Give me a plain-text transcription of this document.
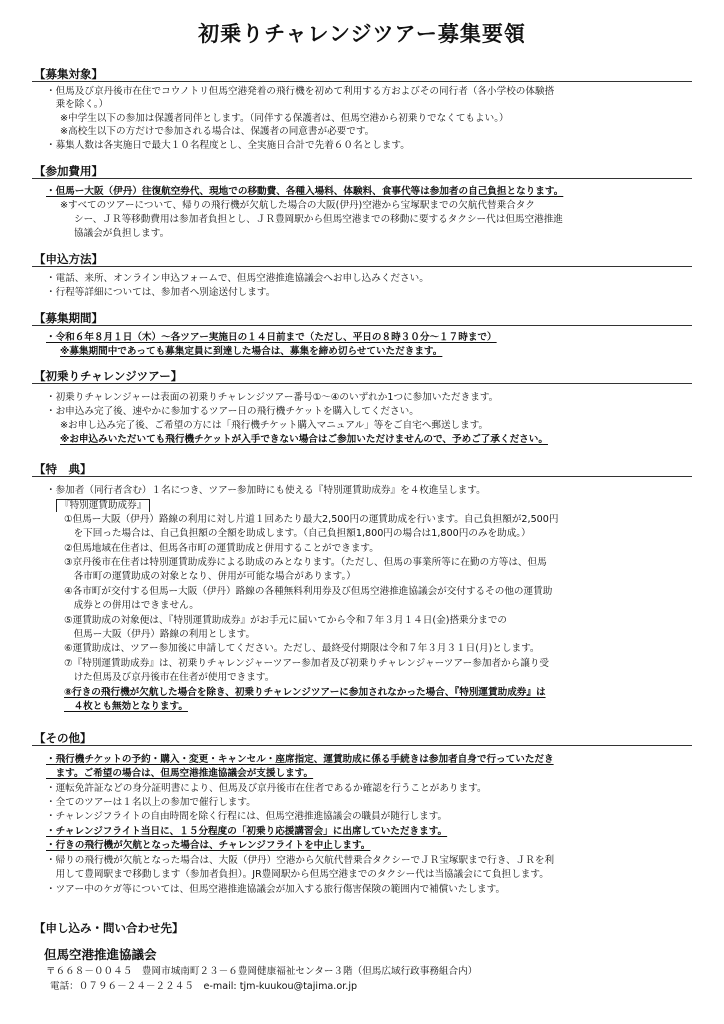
初乗りチャレンジツアー募集要領
【募集対象】
・但馬及び京丹後市在住でコウノトリ但馬空港発着の飛行機を初めて利用する方およびその同行者（各小学校の体験搭
　乗を除く。）
※中学生以下の参加は保護者同伴とします。（同伴する保護者は、但馬空港から初乗りでなくてもよい。）
※高校生以下の方だけで参加される場合は、保護者の同意書が必要です。
・募集人数は各実施日で最大１０名程度とし、全実施日合計で先着６０名とします。
【参加費用】
・但馬ー大阪（伊丹）往復航空券代、現地での移動費、各種入場料、体験料、食事代等は参加者の自己負担となります。
※すべてのツアーについて、帰りの飛行機が欠航した場合の大阪(伊丹)空港から宝塚駅までの欠航代替乗合タク
シー、ＪＲ等移動費用は参加者負担とし、ＪＲ豊岡駅から但馬空港までの移動に要するタクシー代は但馬空港推進
協議会が負担します。
【申込方法】
・電話、来所、オンライン申込フォームで、但馬空港推進協議会へお申し込みください。
・行程等詳細については、参加者へ別途送付します。
【募集期間】
・令和６年８月１日（木）～各ツアー実施日の１４日前まで（ただし、平日の８時３０分～１７時まで）
※募集期間中であっても募集定員に到達した場合は、募集を締め切らせていただきます。
【初乗りチャレンジツアー】
・初乗りチャレンジャーは表面の初乗りチャレンジツアー番号①～④のいずれか1つに参加いただきます。
・お申込み完了後、速やかに参加するツアー日の飛行機チケットを購入してください。
※お申し込み完了後、ご希望の方には「飛行機チケット購入マニュアル」等をご自宅へ郵送します。
※お申込みいただいても飛行機チケットが入手できない場合はご参加いただけませんので、予めご了承ください。
【特　典】
・参加者（同行者含む）１名につき、ツアー参加時にも使える『特別運賃助成券』を４枚進呈します。
『特別運賃助成券』
①但馬ー大阪（伊丹）路線の利用に対し片道１回あたり最大2,500円の運賃助成を行います。自己負担額が2,500円
　を下回った場合は、自己負担額の全額を助成します。（自己負担額1,800円の場合は1,800円のみを助成。）
②但馬地域在住者は、但馬各市町の運賃助成と併用することができます。
③京丹後市在住者は特別運賃助成券による助成のみとなります。（ただし、但馬の事業所等に在勤の方等は、但馬
　各市町の運賃助成の対象となり、併用が可能な場合があります。）
④各市町が交付する但馬ー大阪（伊丹）路線の各種無料利用券及び但馬空港推進協議会が交付するその他の運賃助
　成券との併用はできません。
⑤運賃助成の対象便は、『特別運賃助成券』がお手元に届いてから令和７年３月１４日(金)搭乗分までの
　但馬ー大阪（伊丹）路線の利用とします。
⑥運賃助成は、ツアー参加後に申請してください。ただし、最終受付期限は令和７年３月３１日(月)とします。
⑦『特別運賃助成券』は、初乗りチャレンジャーツアー参加者及び初乗りチャレンジャーツアー参加者から譲り受
　けた但馬及び京丹後市在住者が使用できます。
⑧行きの飛行機が欠航した場合を除き、初乗りチャレンジツアーに参加されなかった場合、『特別運賃助成券』は
　４枚とも無効となります。
【その他】
・飛行機チケットの予約・購入・変更・キャンセル・座席指定、運賃助成に係る手続きは参加者自身で行っていただき
　ます。ご希望の場合は、但馬空港推進協議会が支援します。
・運転免許証などの身分証明書により、但馬及び京丹後市在住者であるか確認を行うことがあります。
・全てのツアーは１名以上の参加で催行します。
・チャレンジフライトの自由時間を除く行程には、但馬空港推進協議会の職員が随行します。
・チャレンジフライト当日に、１５分程度の「初乗り応援講習会」に出席していただきます。
・行きの飛行機が欠航となった場合は、チャレンジフライトを中止します。
・帰りの飛行機が欠航となった場合は、大阪（伊丹）空港から欠航代替乗合タクシーでＪＲ宝塚駅まで行き、ＪＲを利
　用して豊岡駅まで移動します（参加者負担）。JR豊岡駅から但馬空港までのタクシー代は当協議会にて負担します。
・ツアー中のケガ等については、但馬空港推進協議会が加入する旅行傷害保険の範囲内で補償いたします。
【申し込み・問い合わせ先】
但馬空港推進協議会
〒６６８－００４５　豊岡市城南町２３－６豊岡健康福祉センター３階（但馬広域行政事務組合内）
電話：０７９６－２４－２２４５　e-mail: tjm-kuukou@tajima.or.jp
